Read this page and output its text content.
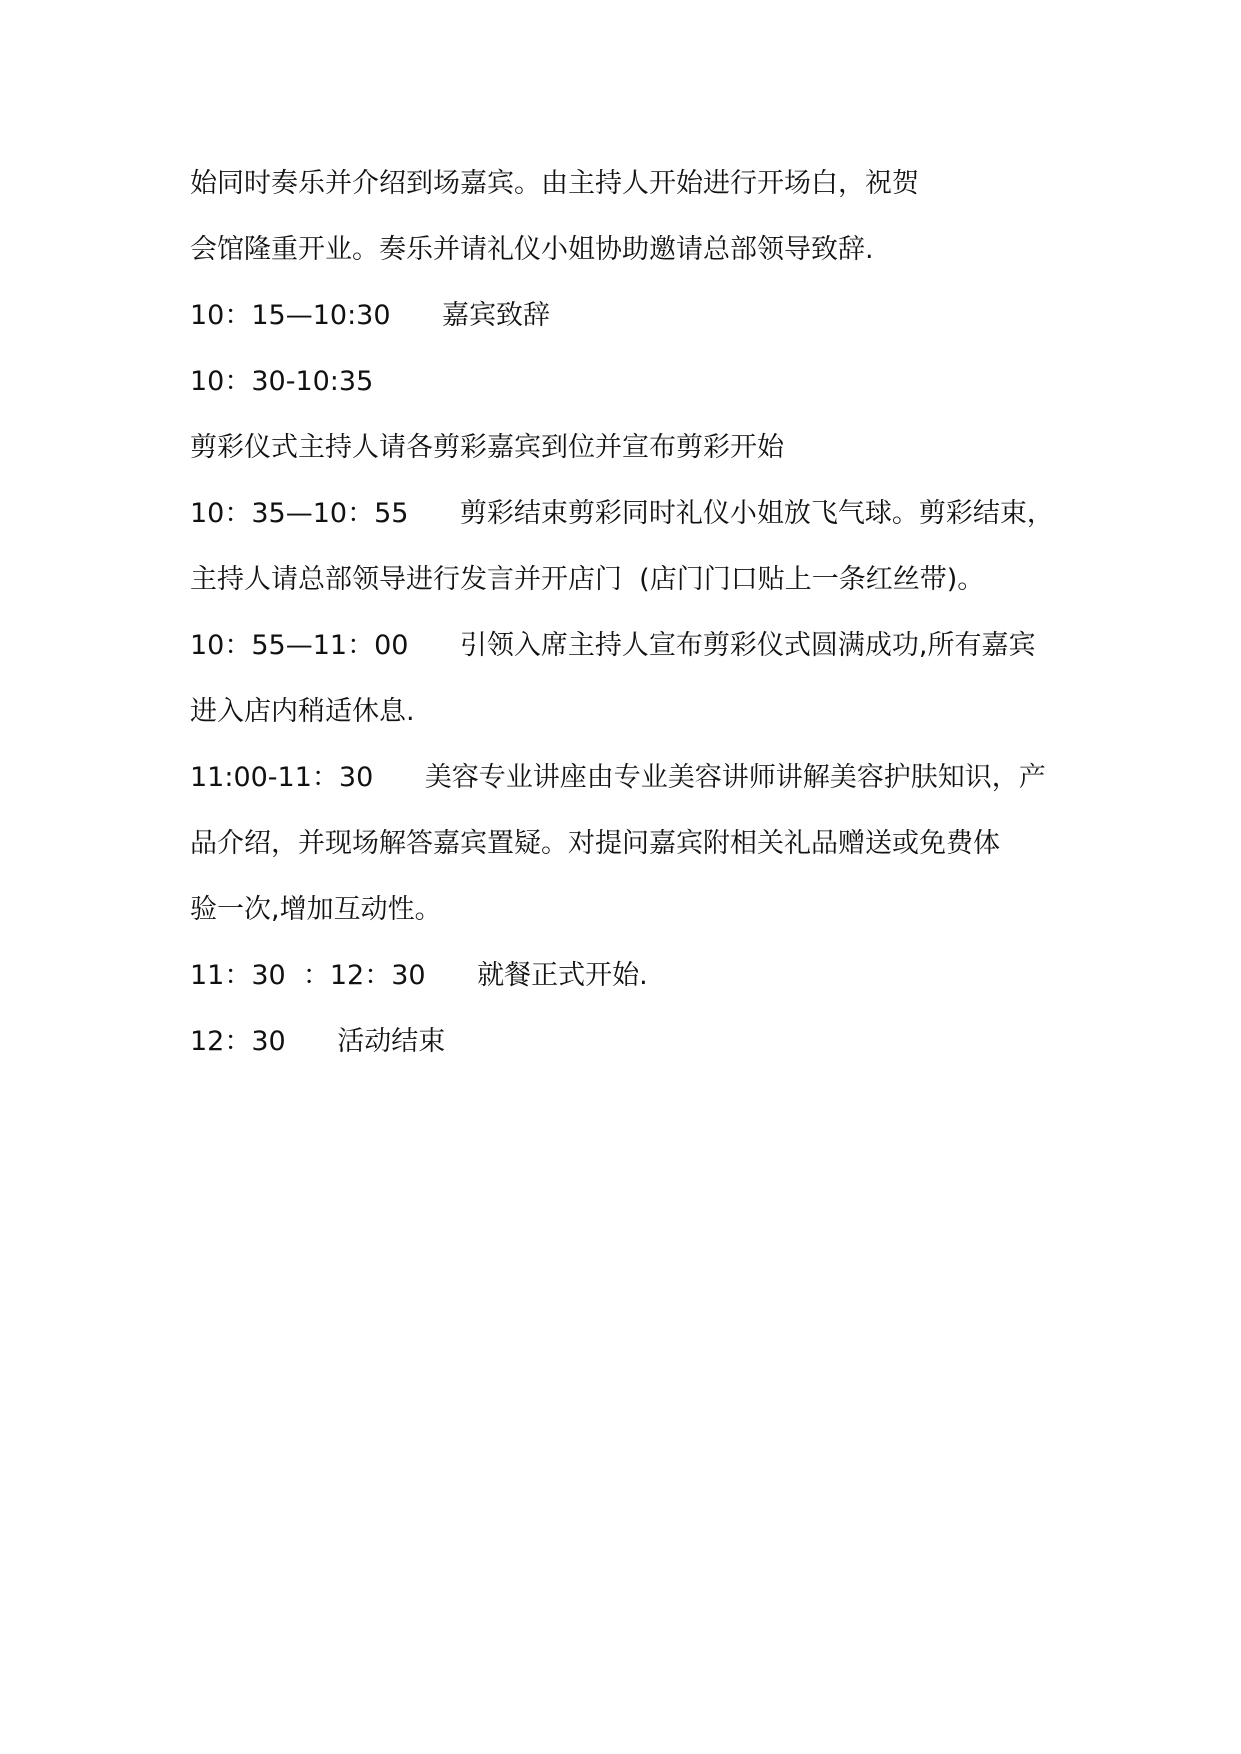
始同时奏乐并介绍到场嘉宾。由主持人开始进行开场白，祝贺
会馆隆重开业。奏乐并请礼仪小姐协助邀请总部领导致辞.
10：15—10:30      嘉宾致辞
10：30-10:35
剪彩仪式主持人请各剪彩嘉宾到位并宣布剪彩开始
10：35—10：55      剪彩结束剪彩同时礼仪小姐放飞气球。剪彩结束，
主持人请总部领导进行发言并开店门  (店门门口贴上一条红丝带)。
10：55—11：00      引领入席主持人宣布剪彩仪式圆满成功,所有嘉宾
进入店内稍适休息.
11:00-11：30      美容专业讲座由专业美容讲师讲解美容护肤知识，产
品介绍，并现场解答嘉宾置疑。对提问嘉宾附相关礼品赠送或免费体
验一次,增加互动性。
11：30  ：12：30      就餐正式开始.
12：30      活动结束
